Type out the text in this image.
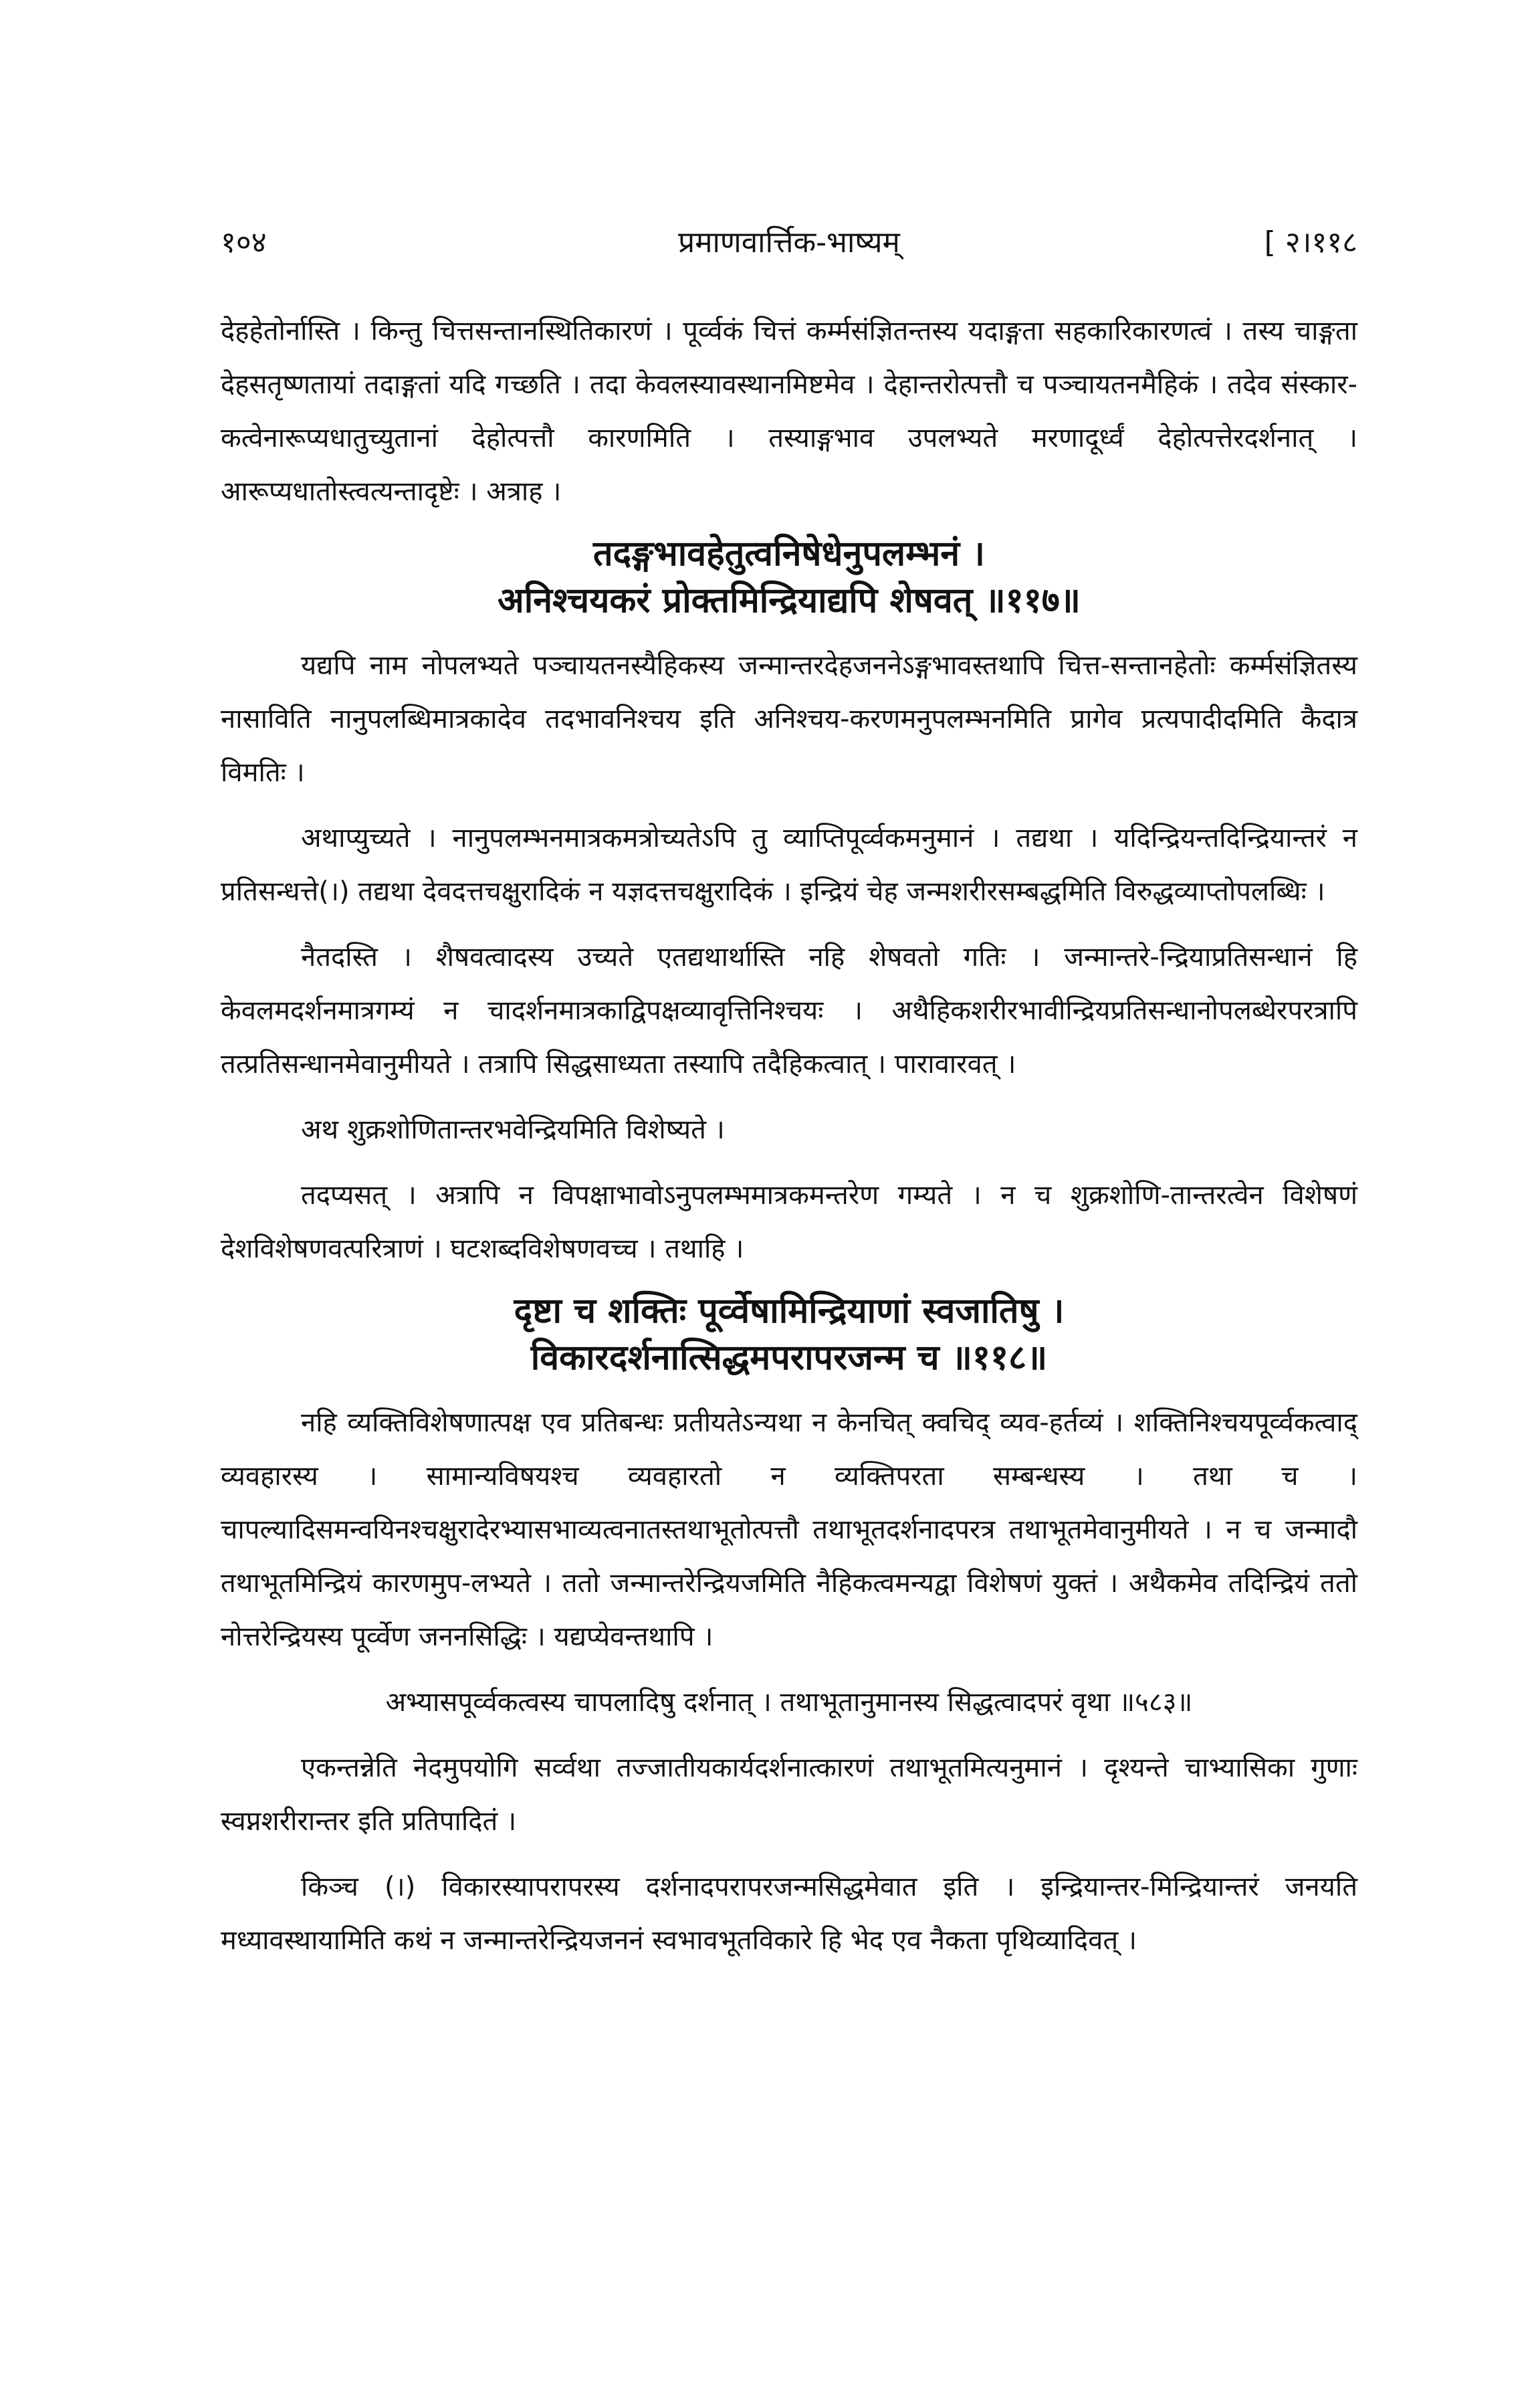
१०४	प्रमाणवार्त्तिक-भाष्यम्	[ २।११८

देहहेतोर्नास्ति । किन्तु चित्तसन्तानस्थितिकारणं । पूर्व्वकं चित्तं कर्म्मसंज्ञितन्तस्य यदाङ्गता सहकारिकारणत्वं । तस्य चाङ्गता देहसतृष्णतायां तदाङ्गतां यदि गच्छति । तदा केवलस्यावस्थानमिष्टमेव । देहान्तरोत्पत्तौ च पञ्चायतनमैहिकं । तदेव संस्कार-कत्वेनारूप्यधातुच्युतानां देहोत्पत्तौ कारणमिति । तस्याङ्गभाव उपलभ्यते मरणादूर्ध्वं देहोत्पत्तेरदर्शनात् । आरूप्यधातोस्त्वत्यन्तादृष्टेः । अत्राह ।

तदङ्गभावहेतुत्वनिषेधेनुपलम्भनं ।
अनिश्चयकरं प्रोक्तमिन्द्रियाद्यपि शेषवत् ॥११७॥

यद्यपि नाम नोपलभ्यते पञ्चायतनस्यैहिकस्य जन्मान्तरदेहजननेऽङ्गभावस्तथापि चित्त-सन्तानहेतोः कर्म्मसंज्ञितस्य नासाविति नानुपलब्धिमात्रकादेव तदभावनिश्चय इति अनिश्चय-करणमनुपलम्भनमिति प्रागेव प्रत्यपादीदमिति कैदात्र विमतिः ।

अथाप्युच्यते । नानुपलम्भनमात्रकमत्रोच्यतेऽपि तु व्याप्तिपूर्व्वकमनुमानं । तद्यथा । यदिन्द्रियन्तदिन्द्रियान्तरं न प्रतिसन्धत्ते(।) तद्यथा देवदत्तचक्षुरादिकं न यज्ञदत्तचक्षुरादिकं । इन्द्रियं चेह जन्मशरीरसम्बद्धमिति विरुद्धव्याप्तोपलब्धिः ।

नैतदस्ति । शैषवत्वादस्य उच्यते एतद्यथार्थास्ति नहि शेषवतो गतिः । जन्मान्तरे-न्द्रियाप्रतिसन्धानं हि केवलमदर्शनमात्रगम्यं न चादर्शनमात्रकाद्विपक्षव्यावृत्तिनिश्चयः । अथैहिकशरीरभावीन्द्रियप्रतिसन्धानोपलब्धेरपरत्रापि तत्प्रतिसन्धानमेवानुमीयते । तत्रापि सिद्धसाध्यता तस्यापि तदैहिकत्वात् । पारावारवत् ।

अथ शुक्रशोणितान्तरभवेन्द्रियमिति विशेष्यते ।

तदप्यसत् । अत्रापि न विपक्षाभावोऽनुपलम्भमात्रकमन्तरेण गम्यते । न च शुक्रशोणि-तान्तरत्वेन विशेषणं देशविशेषणवत्परित्राणं । घटशब्दविशेषणवच्च । तथाहि ।

दृष्टा च शक्तिः पूर्व्वेषामिन्द्रियाणां स्वजातिषु ।
विकारदर्शनात्सिद्धमपरापरजन्म च ॥११८॥

नहि व्यक्तिविशेषणात्पक्ष एव प्रतिबन्धः प्रतीयतेऽन्यथा न केनचित् क्वचिद् व्यव-हर्तव्यं । शक्तिनिश्चयपूर्व्वकत्वाद् व्यवहारस्य । सामान्यविषयश्च व्यवहारतो न व्यक्तिपरता सम्बन्धस्य । तथा च । चापल्यादिसमन्वयिनश्चक्षुरादेरभ्यासभाव्यत्वनातस्तथाभूतोत्पत्तौ तथाभूतदर्शनादपरत्र तथाभूतमेवानुमीयते । न च जन्मादौ तथाभूतमिन्द्रियं कारणमुप-लभ्यते । ततो जन्मान्तरेन्द्रियजमिति नैहिकत्वमन्यद्वा विशेषणं युक्तं । अथैकमेव तदिन्द्रियं ततो नोत्तरेन्द्रियस्य पूर्व्वेण जननसिद्धिः । यद्यप्येवन्तथापि ।

अभ्यासपूर्व्वकत्वस्य चापलादिषु दर्शनात् । तथाभूतानुमानस्य सिद्धत्वादपरं वृथा ॥५८३॥

एकन्तन्नेति नेदमुपयोगि सर्व्वथा तज्जातीयकार्यदर्शनात्कारणं तथाभूतमित्यनुमानं । दृश्यन्ते चाभ्यासिका गुणाः स्वप्नशरीरान्तर इति प्रतिपादितं ।

किञ्च (।) विकारस्यापरापरस्य दर्शनादपरापरजन्मसिद्धमेवात इति । इन्द्रियान्तर-मिन्द्रियान्तरं जनयति मध्यावस्थायामिति कथं न जन्मान्तरेन्द्रियजननं स्वभावभूतविकारे हि भेद एव नैकता पृथिव्यादिवत् ।
